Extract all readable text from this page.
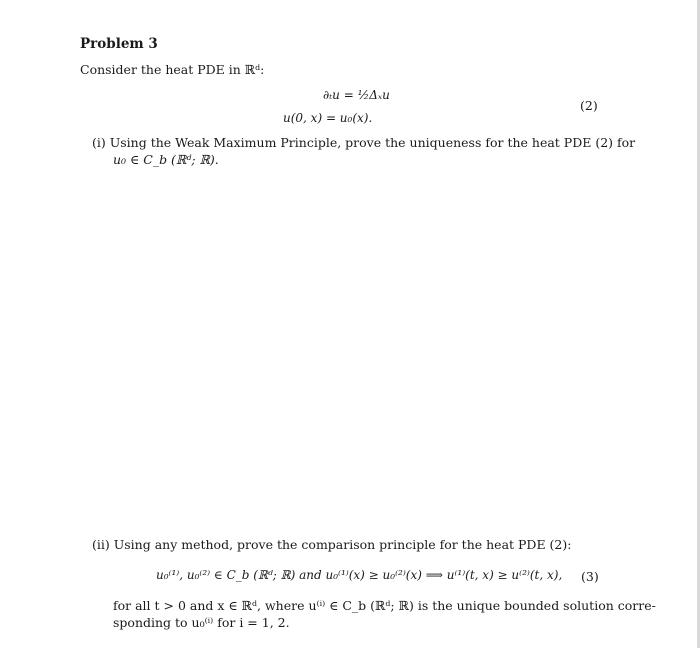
Problem 3
Consider the heat PDE in ℝᵈ:
∂ₜu = ½Δₓu
u(0, x) = u₀(x).
(2)
(i) Using the Weak Maximum Principle, prove the uniqueness for the heat PDE (2) for
u₀ ∈ C_b (ℝᵈ; ℝ).
(ii) Using any method, prove the comparison principle for the heat PDE (2):
u₀⁽¹⁾, u₀⁽²⁾ ∈ C_b (ℝᵈ; ℝ) and u₀⁽¹⁾(x) ≥ u₀⁽²⁾(x) ⟹ u⁽¹⁾(t, x) ≥ u⁽²⁾(t, x), (3)
for all t > 0 and x ∈ ℝᵈ, where u⁽ⁱ⁾ ∈ C_b (ℝᵈ; ℝ) is the unique bounded solution corre-
sponding to u₀⁽ⁱ⁾ for i = 1, 2.
